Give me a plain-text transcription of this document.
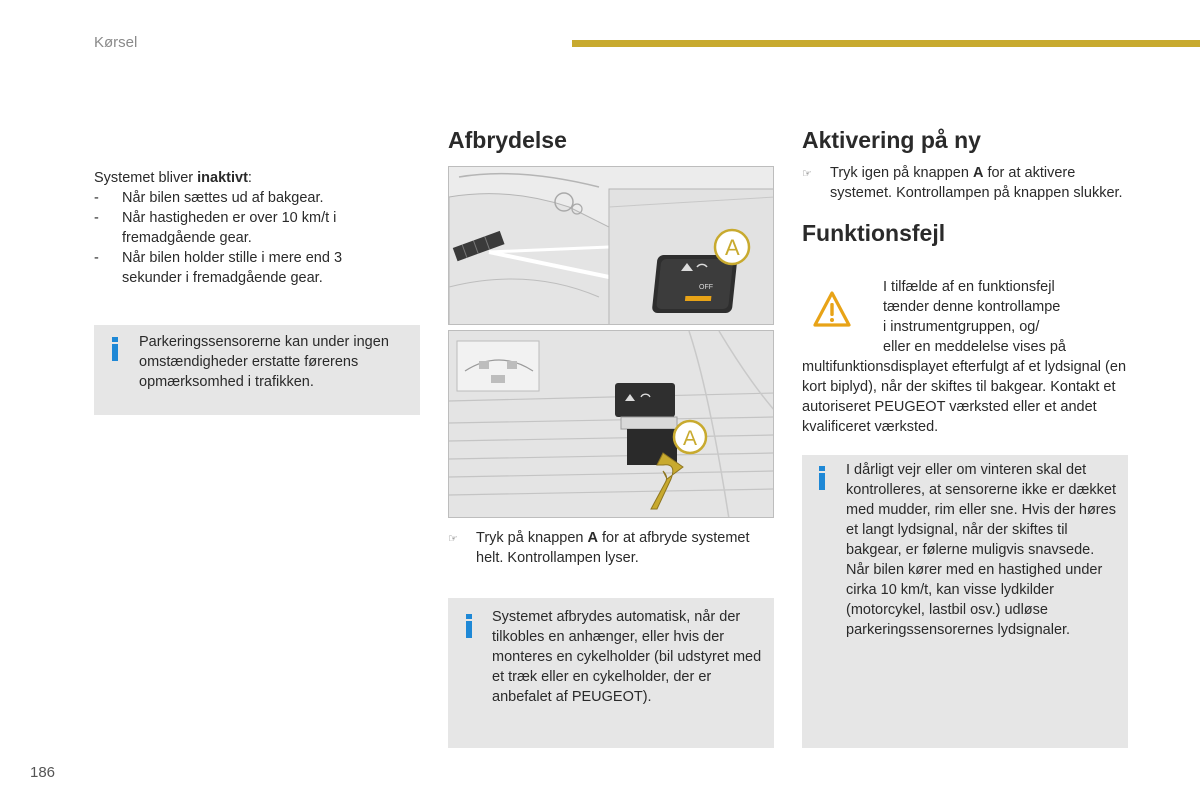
Kørsel
Systemet bliver inaktivt:
-	Når bilen sættes ud af bakgear.
-	Når hastigheden er over 10 km/t i fremadgående gear.
-	Når bilen holder stille i mere end 3 sekunder i fremadgående gear.
Parkeringssensorerne kan under ingen omstændigheder erstatte førerens opmærksomhed i trafikken.
Afbrydelse
OFF
A
A
☞	Tryk på knappen A for at afbryde systemet helt. Kontrollampen lyser.
Systemet afbrydes automatisk, når der tilkobles en anhænger, eller hvis der monteres en cykelholder (bil udstyret med et træk eller en cykelholder, der er anbefalet af PEUGEOT).
Aktivering på ny
☞	Tryk igen på knappen A for at aktivere systemet. Kontrollampen på knappen slukker.
Funktionsfejl
I tilfælde af en funktionsfejl
tænder denne kontrollampe
i instrumentgruppen, og/
eller en meddelelse vises på
multifunktionsdisplayet efterfulgt af et lydsignal (en kort biplyd), når der skiftes til bakgear. Kontakt et autoriseret PEUGEOT værksted eller et andet kvalificeret værksted.
I dårligt vejr eller om vinteren skal det kontrolleres, at sensorerne ikke er dækket med mudder, rim eller sne. Hvis der høres et langt lydsignal, når der skiftes til bakgear, er følerne muligvis snavsede.
Når bilen kører med en hastighed under cirka 10 km/t, kan visse lydkilder (motorcykel, lastbil osv.) udløse parkeringssensorernes lydsignaler.
186
